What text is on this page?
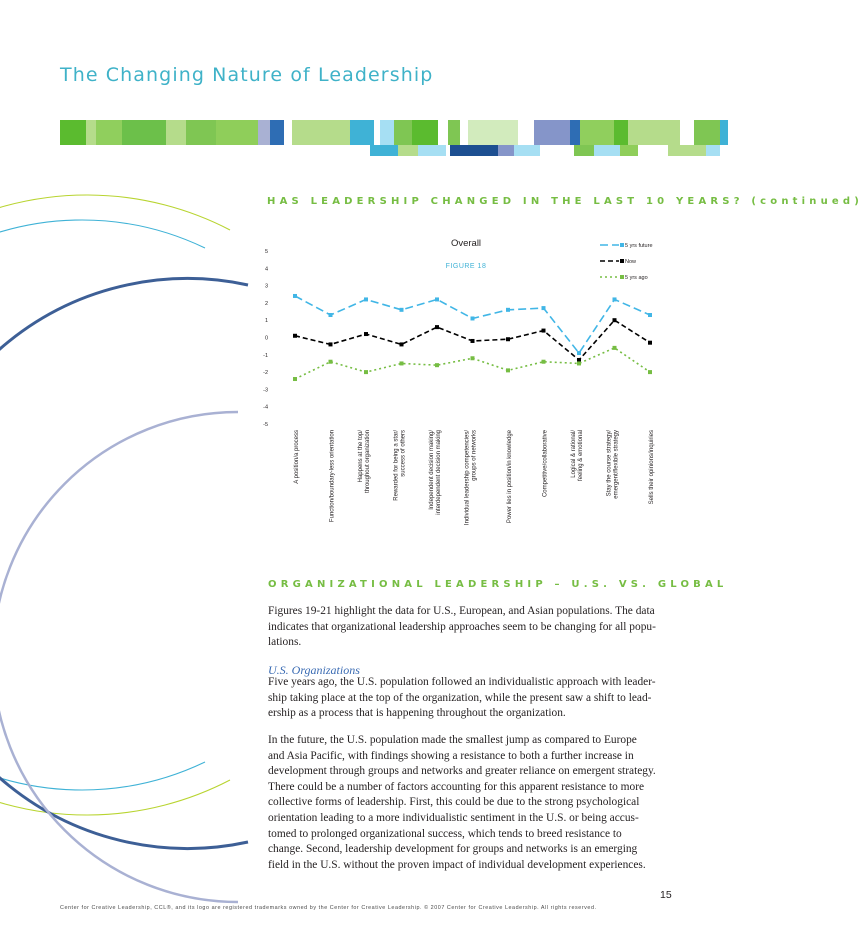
The Changing Nature of Leadership
HAS LEADERSHIP CHANGED IN THE LAST 10 YEARS? (continued)
Overall
FIGURE 18
5
4
3
2
1
0
-1
-2
-3
-4
-5
A position/a process	Function/boundary-less orientation	Happens at the top/throughout organization	Rewarded for being a star/success of others	Independent decision making/interdependent decision making	Individual leadership competencies/groups of networks	Power lies in position/in knowledge	Competitive/collaborative	Logical & rational/feeling & emotional	Stay the course strategy/emergent/flexible strategy	Sells their opinions/inquiries
5 yrs future
Now
5 yrs ago
ORGANIZATIONAL LEADERSHIP – U.S. VS. GLOBAL
Figures 19-21 highlight the data for U.S., European, and Asian populations. The data
indicates that organizational leadership approaches seem to be changing for all popu-
lations.
U.S. Organizations
Five years ago, the U.S. population followed an individualistic approach with leader-
ship taking place at the top of the organization, while the present saw a shift to lead-
ership as a process that is happening throughout the organization.
In the future, the U.S. population made the smallest jump as compared to Europe
and Asia Pacific, with findings showing a resistance to both a further increase in
development through groups and networks and greater reliance on emergent strategy.
There could be a number of factors accounting for this apparent resistance to more
collective forms of leadership. First, this could be due to the strong psychological
orientation leading to a more individualistic sentiment in the U.S. or being accus-
tomed to prolonged organizational success, which tends to breed resistance to
change. Second, leadership development for groups and networks is an emerging
field in the U.S. without the proven impact of individual development experiences.
15
Center for Creative Leadership, CCL®, and its logo are registered trademarks owned by the Center for Creative Leadership. © 2007 Center for Creative Leadership. All rights reserved.
